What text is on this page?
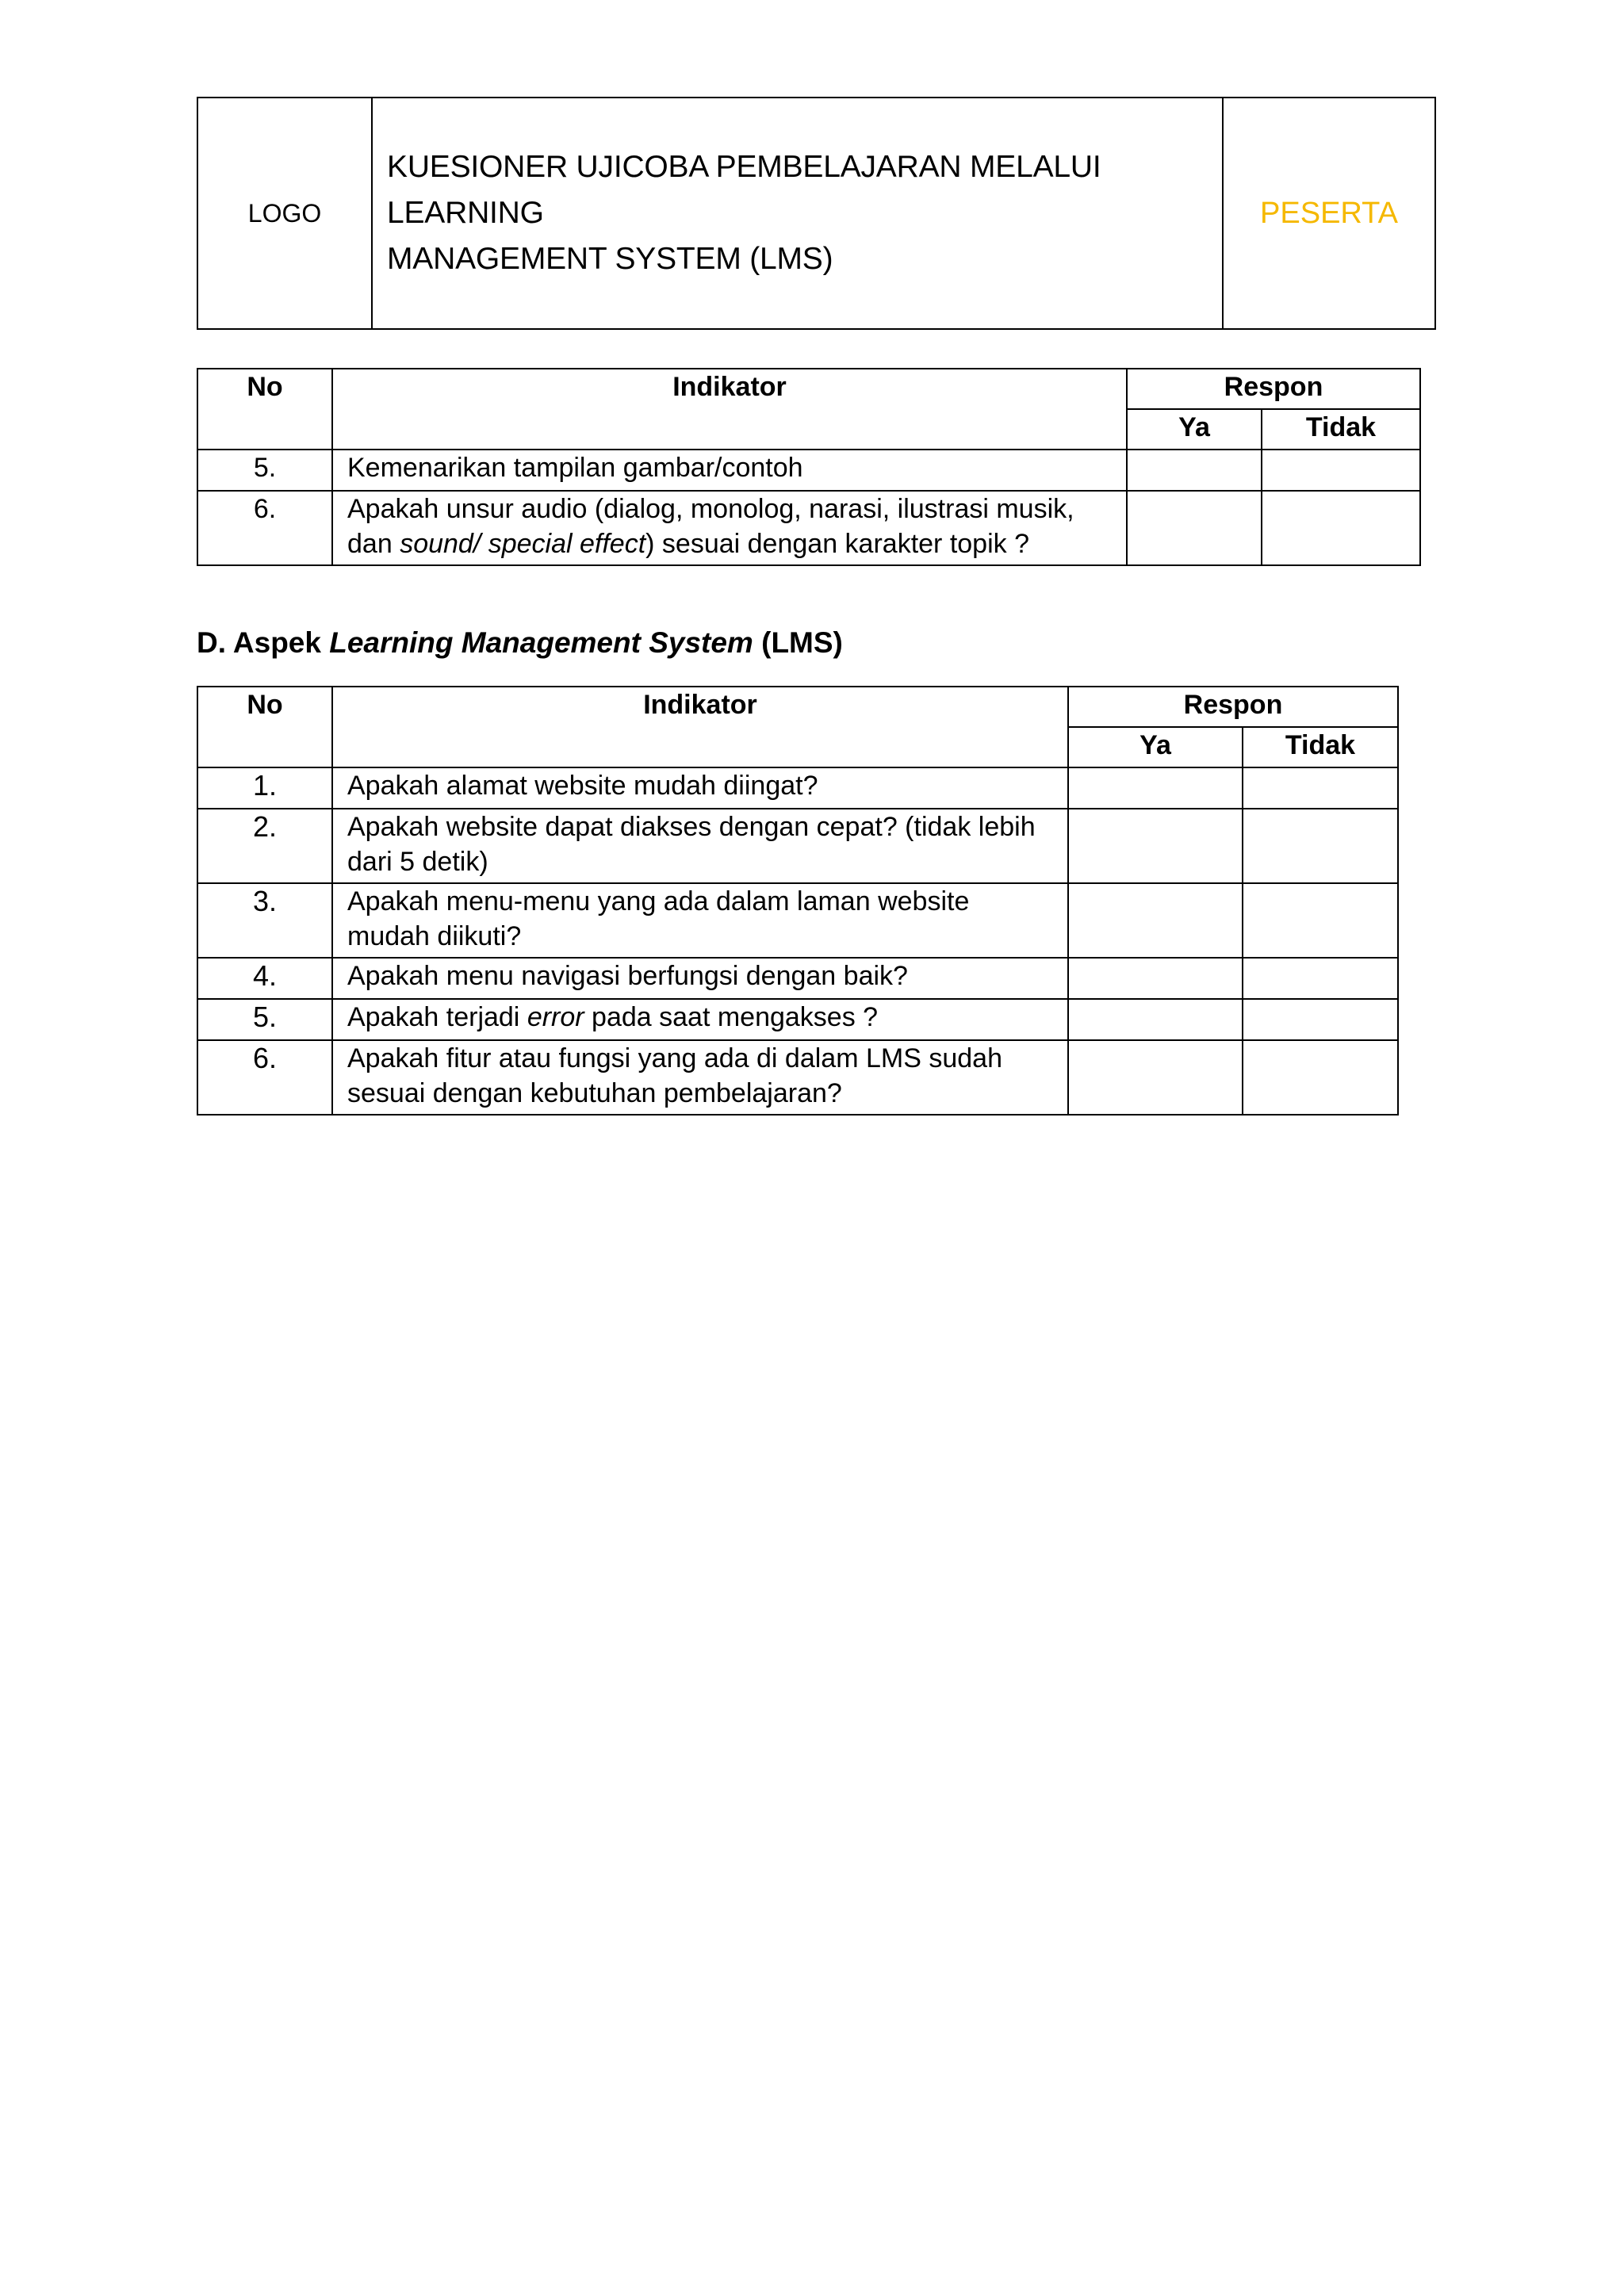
LOGO
KUESIONER UJICOBA PEMBELAJARAN MELALUI LEARNING
MANAGEMENT SYSTEM (LMS)
PESERTA
No	Indikator	Respon	
		Ya	Tidak
5.	Kemenarikan tampilan gambar/contoh		
6.	Apakah unsur audio (dialog, monolog, narasi, ilustrasi musik,
dan sound/ special effect) sesuai dengan karakter topik ?		

D. Aspek Learning Management System (LMS)
No	Indikator	Respon	
		Ya	Tidak
1.	Apakah alamat website mudah diingat?		
2.	Apakah website dapat diakses dengan cepat? (tidak lebih
dari 5 detik)		

3.	Apakah menu-menu yang ada dalam laman website
mudah diikuti?		

4.	Apakah menu navigasi berfungsi dengan baik?		
5.	Apakah terjadi error pada saat mengakses ?		
6.	Apakah fitur atau fungsi yang ada di dalam LMS sudah
sesuai dengan kebutuhan pembelajaran?		
